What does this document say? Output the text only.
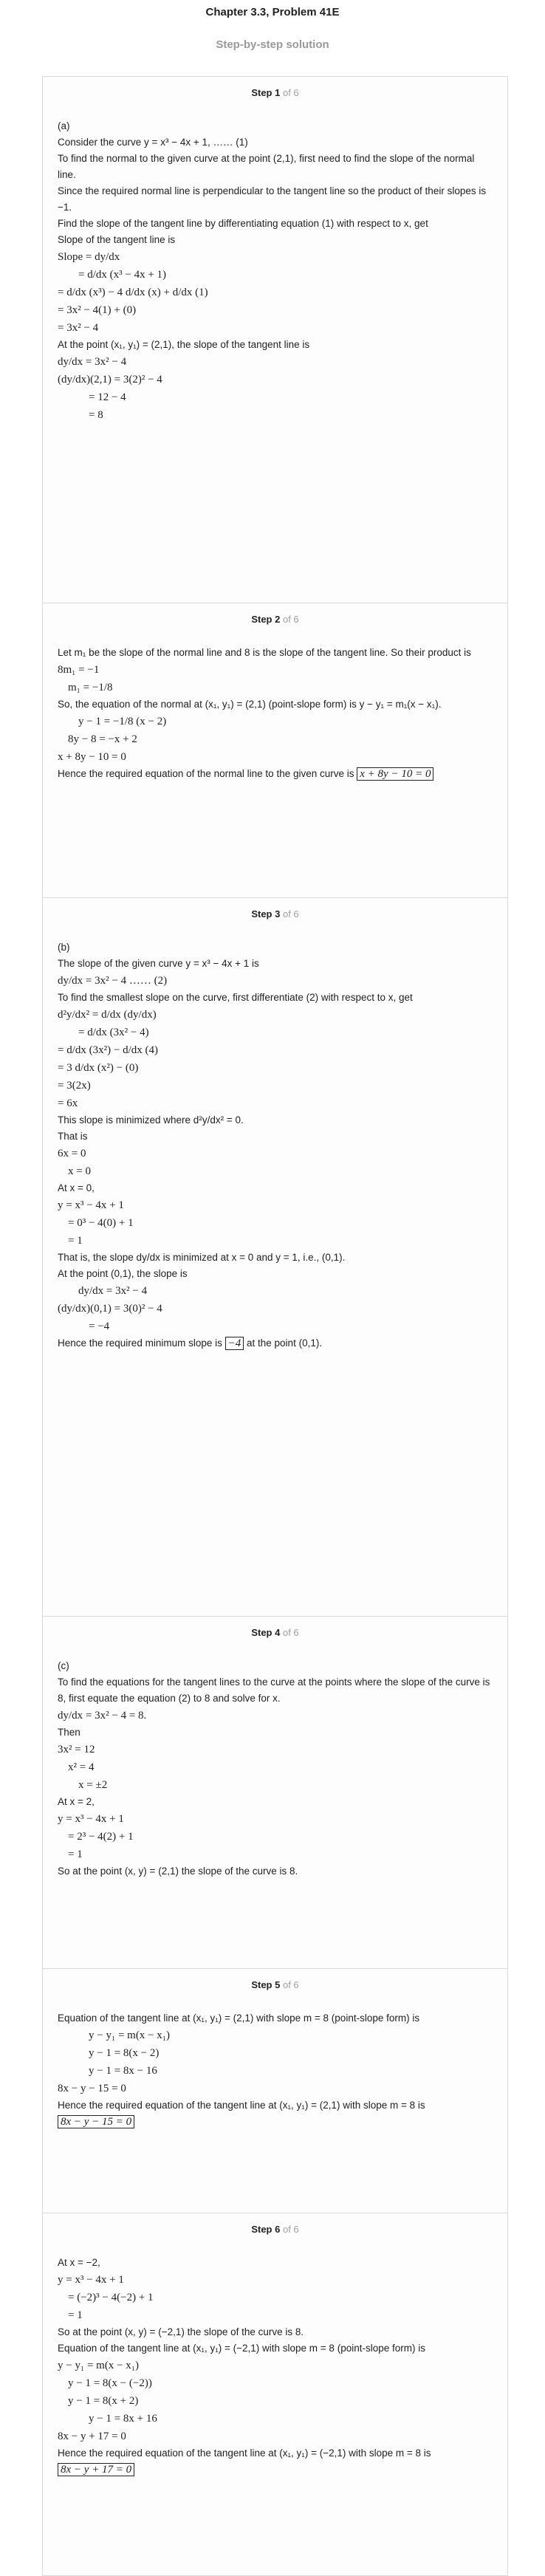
Chapter 3.3, Problem 41E
Step-by-step solution
Step 1 of 6

(a)

Consider the curve y = x³ − 4x + 1, …… (1)

To find the normal to the given curve at the point (2,1), first need to find the slope of the normal line.

Since the required normal line is perpendicular to the tangent line so the product of their slopes is −1.

Find the slope of the tangent line by differentiating equation (1) with respect to x, get

Slope of the tangent line is

Slope = dy/dx

= d/dx (x³ − 4x + 1)

= d/dx (x³) − 4 d/dx (x) + d/dx (1)

= 3x² − 4(1) + (0)

= 3x² − 4

At the point (x₁, y₁) = (2,1), the slope of the tangent line is

dy/dx = 3x² − 4

(dy/dx)(2,1) = 3(2)² − 4

= 12 − 4

= 8

Step 2 of 6

Let m₁ be the slope of the normal line and 8 is the slope of the tangent line. So their product is

8m₁ = −1

m₁ = −1/8

So, the equation of the normal at (x₁, y₁) = (2,1) (point-slope form) is y − y₁ = m₁(x − x₁).

y − 1 = −1/8 (x − 2)

8y − 8 = −x + 2

x + 8y − 10 = 0

Hence the required equation of the normal line to the given curve is x + 8y − 10 = 0

Step 3 of 6

(b)

The slope of the given curve y = x³ − 4x + 1 is

dy/dx = 3x² − 4 …… (2)

To find the smallest slope on the curve, first differentiate (2) with respect to x, get

d²y/dx² = d/dx (dy/dx)

= d/dx (3x² − 4)

= d/dx (3x²) − d/dx (4)

= 3 d/dx (x²) − (0)

= 3(2x)

= 6x

This slope is minimized where d²y/dx² = 0.

That is

6x = 0

x = 0

At x = 0,

y = x³ − 4x + 1

= 0³ − 4(0) + 1

= 1

That is, the slope dy/dx is minimized at x = 0 and y = 1, i.e., (0,1).

At the point (0,1), the slope is

dy/dx = 3x² − 4

(dy/dx)(0,1) = 3(0)² − 4

= −4

Hence the required minimum slope is −4 at the point (0,1).

Step 4 of 6

(c)

To find the equations for the tangent lines to the curve at the points where the slope of the curve is 8, first equate the equation (2) to 8 and solve for x.

dy/dx = 3x² − 4 = 8.

Then

3x² = 12

x² = 4

x = ±2

At x = 2,

y = x³ − 4x + 1

= 2³ − 4(2) + 1

= 1

So at the point (x, y) = (2,1) the slope of the curve is 8.

Step 5 of 6

Equation of the tangent line at (x₁, y₁) = (2,1) with slope m = 8 (point-slope form) is

y − y₁ = m(x − x₁)

y − 1 = 8(x − 2)

y − 1 = 8x − 16

8x − y − 15 = 0

Hence the required equation of the tangent line at (x₁, y₁) = (2,1) with slope m = 8 is

8x − y − 15 = 0

Step 6 of 6

At x = −2,

y = x³ − 4x + 1

= (−2)³ − 4(−2) + 1

= 1

So at the point (x, y) = (−2,1) the slope of the curve is 8.

Equation of the tangent line at (x₁, y₁) = (−2,1) with slope m = 8 (point-slope form) is

y − y₁ = m(x − x₁)

y − 1 = 8(x − (−2))

y − 1 = 8(x + 2)

y − 1 = 8x + 16

8x − y + 17 = 0

Hence the required equation of the tangent line at (x₁, y₁) = (−2,1) with slope m = 8 is

8x − y + 17 = 0
